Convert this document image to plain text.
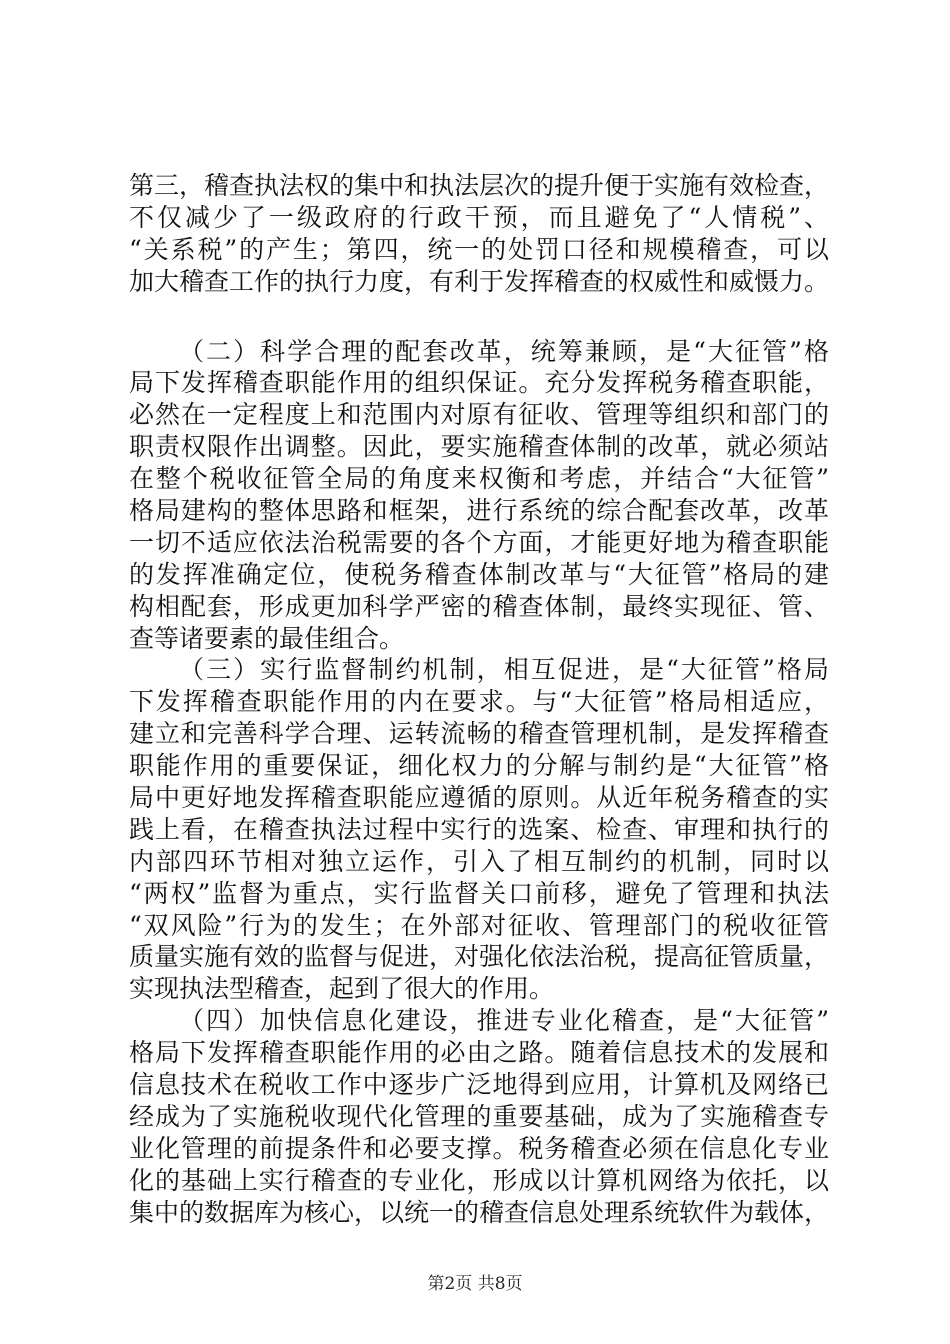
第三，稽查执法权的集中和执法层次的提升便于实施有效检查，
不仅减少了一级政府的行政干预，而且避免了“人情税”、
“关系税”的产生；第四，统一的处罚口径和规模稽查，可以
加大稽查工作的执行力度，有利于发挥稽查的权威性和威慑力。
（二）科学合理的配套改革，统筹兼顾，是“大征管”格
局下发挥稽查职能作用的组织保证。充分发挥税务稽查职能，
必然在一定程度上和范围内对原有征收、管理等组织和部门的
职责权限作出调整。因此，要实施稽查体制的改革，就必须站
在整个税收征管全局的角度来权衡和考虑，并结合“大征管”
格局建构的整体思路和框架，进行系统的综合配套改革，改革
一切不适应依法治税需要的各个方面，才能更好地为稽查职能
的发挥准确定位，使税务稽查体制改革与“大征管”格局的建
构相配套，形成更加科学严密的稽查体制，最终实现征、管、
查等诸要素的最佳组合。
（三）实行监督制约机制，相互促进，是“大征管”格局
下发挥稽查职能作用的内在要求。与“大征管”格局相适应，
建立和完善科学合理、运转流畅的稽查管理机制，是发挥稽查
职能作用的重要保证，细化权力的分解与制约是“大征管”格
局中更好地发挥稽查职能应遵循的原则。从近年税务稽查的实
践上看，在稽查执法过程中实行的选案、检查、审理和执行的
内部四环节相对独立运作，引入了相互制约的机制，同时以
“两权”监督为重点，实行监督关口前移，避免了管理和执法
“双风险”行为的发生；在外部对征收、管理部门的税收征管
质量实施有效的监督与促进，对强化依法治税，提高征管质量，
实现执法型稽查，起到了很大的作用。
（四）加快信息化建设，推进专业化稽查，是“大征管”
格局下发挥稽查职能作用的必由之路。随着信息技术的发展和
信息技术在税收工作中逐步广泛地得到应用，计算机及网络已
经成为了实施税收现代化管理的重要基础，成为了实施稽查专
业化管理的前提条件和必要支撑。税务稽查必须在信息化专业
化的基础上实行稽查的专业化，形成以计算机网络为依托，以
集中的数据库为核心，以统一的稽查信息处理系统软件为载体，
第2页 共8页
